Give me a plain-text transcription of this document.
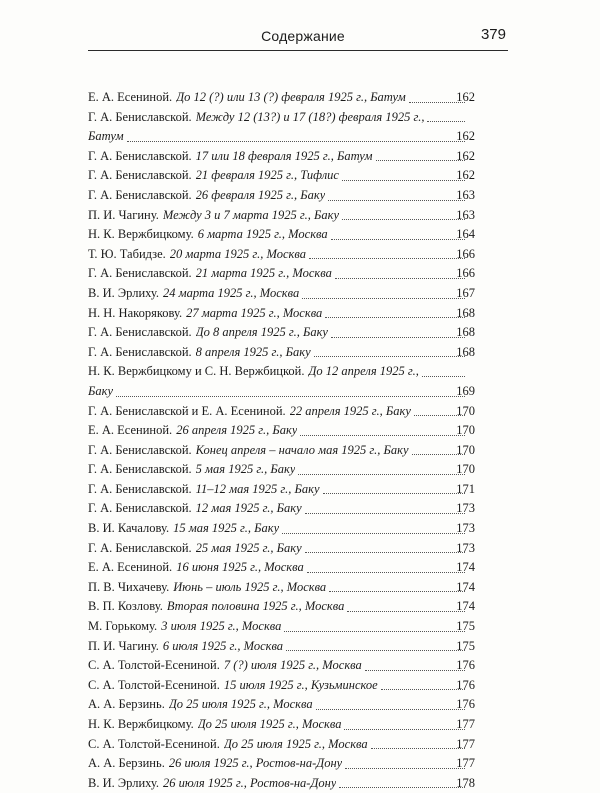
Содержание	379
Е. А. Есениной. До 12 (?) или 13 (?) февраля 1925 г., Батум	162
Г. А. Бениславской. Между 12 (13?) и 17 (18?) февраля 1925 г.,
Батум	162
Г. А. Бениславской. 17 или 18 февраля 1925 г., Батум	162
Г. А. Бениславской. 21 февраля 1925 г., Тифлис	162
Г. А. Бениславской. 26 февраля 1925 г., Баку	163
П. И. Чагину. Между 3 и 7 марта 1925 г., Баку	163
Н. К. Вержбицкому. 6 марта 1925 г., Москва	164
Т. Ю. Табидзе. 20 марта 1925 г., Москва	166
Г. А. Бениславской. 21 марта 1925 г., Москва	166
В. И. Эрлиху. 24 марта 1925 г., Москва	167
Н. Н. Накорякову. 27 марта 1925 г., Москва	168
Г. А. Бениславской. До 8 апреля 1925 г., Баку	168
Г. А. Бениславской. 8 апреля 1925 г., Баку	168
Н. К. Вержбицкому и С. Н. Вержбицкой. До 12 апреля 1925 г.,
Баку	169
Г. А. Бениславской и Е. А. Есениной. 22 апреля 1925 г., Баку	170
Е. А. Есениной. 26 апреля 1925 г., Баку	170
Г. А. Бениславской. Конец апреля – начало мая 1925 г., Баку	170
Г. А. Бениславской. 5 мая 1925 г., Баку	170
Г. А. Бениславской. 11–12 мая 1925 г., Баку	171
Г. А. Бениславской. 12 мая 1925 г., Баку	173
В. И. Качалову. 15 мая 1925 г., Баку	173
Г. А. Бениславской. 25 мая 1925 г., Баку	173
Е. А. Есениной. 16 июня 1925 г., Москва	174
П. В. Чихачеву. Июнь – июль 1925 г., Москва	174
В. П. Козлову. Вторая половина 1925 г., Москва	174
М. Горькому. 3 июля 1925 г., Москва	175
П. И. Чагину. 6 июля 1925 г., Москва	175
С. А. Толстой-Есениной. 7 (?) июля 1925 г., Москва	176
С. А. Толстой-Есениной. 15 июля 1925 г., Кузьминское	176
А. А. Берзинь. До 25 июля 1925 г., Москва	176
Н. К. Вержбицкому. До 25 июля 1925 г., Москва	177
С. А. Толстой-Есениной. До 25 июля 1925 г., Москва	177
А. А. Берзинь. 26 июля 1925 г., Ростов-на-Дону	177
В. И. Эрлиху. 26 июля 1925 г., Ростов-на-Дону	178
